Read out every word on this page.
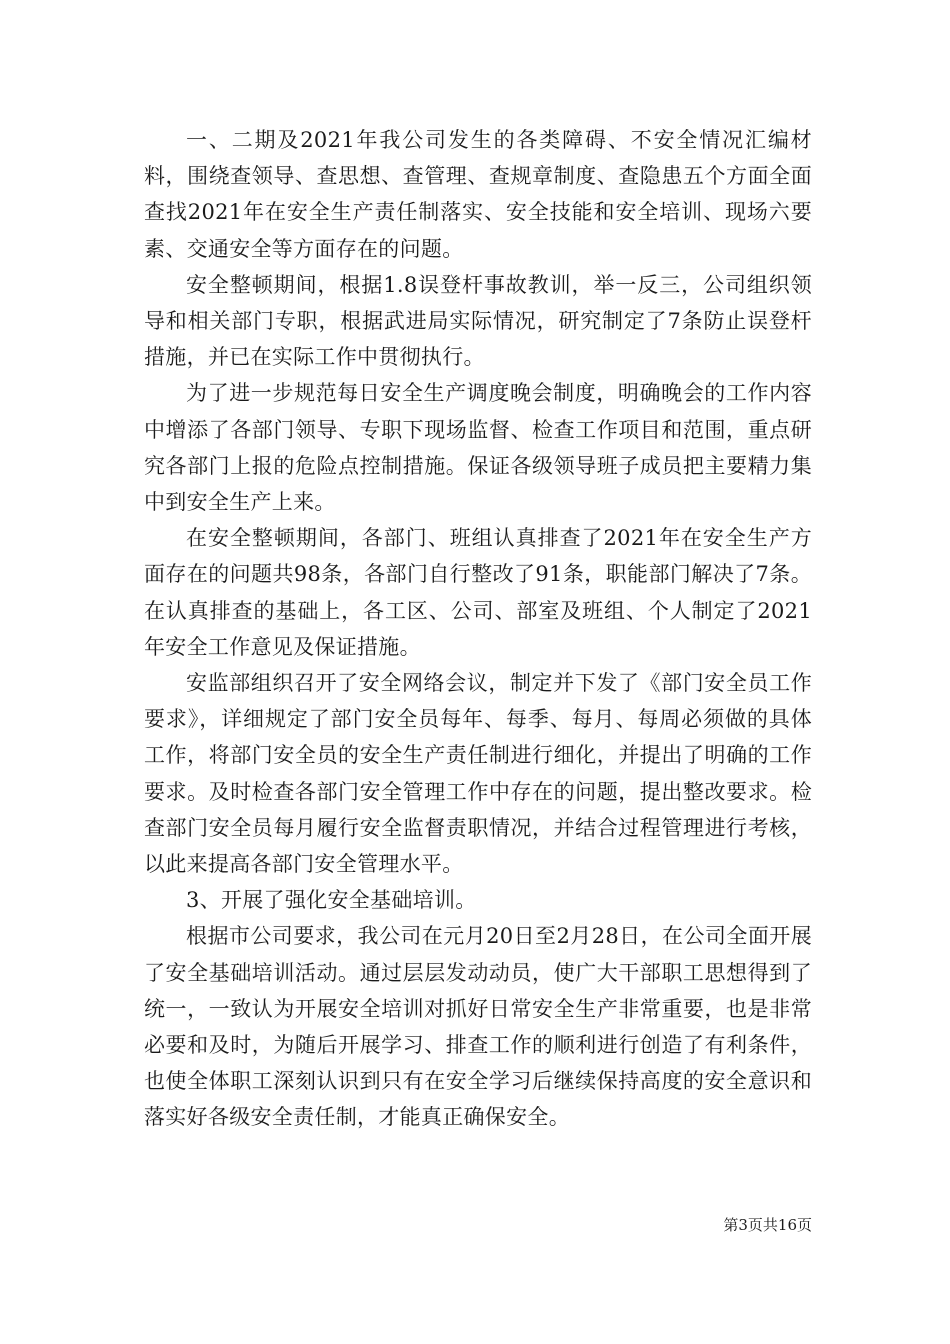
一、二期及2021年我公司发生的各类障碍、不安全情况汇编材料，围绕查领导、查思想、查管理、查规章制度、查隐患五个方面全面查找2021年在安全生产责任制落实、安全技能和安全培训、现场六要素、交通安全等方面存在的问题。

安全整顿期间，根据1.8误登杆事故教训，举一反三，公司组织领导和相关部门专职，根据武进局实际情况，研究制定了7条防止误登杆措施，并已在实际工作中贯彻执行。

为了进一步规范每日安全生产调度晚会制度，明确晚会的工作内容中增添了各部门领导、专职下现场监督、检查工作项目和范围，重点研究各部门上报的危险点控制措施。保证各级领导班子成员把主要精力集中到安全生产上来。

在安全整顿期间，各部门、班组认真排查了2021年在安全生产方面存在的问题共98条，各部门自行整改了91条，职能部门解决了7条。在认真排查的基础上，各工区、公司、部室及班组、个人制定了2021年安全工作意见及保证措施。

安监部组织召开了安全网络会议，制定并下发了《部门安全员工作要求》，详细规定了部门安全员每年、每季、每月、每周必须做的具体工作，将部门安全员的安全生产责任制进行细化，并提出了明确的工作要求。及时检查各部门安全管理工作中存在的问题，提出整改要求。检查部门安全员每月履行安全监督责职情况，并结合过程管理进行考核，以此来提高各部门安全管理水平。

3、开展了强化安全基础培训。

根据市公司要求，我公司在元月20日至2月28日，在公司全面开展了安全基础培训活动。通过层层发动动员，使广大干部职工思想得到了统一，一致认为开展安全培训对抓好日常安全生产非常重要，也是非常必要和及时，为随后开展学习、排查工作的顺利进行创造了有利条件，也使全体职工深刻认识到只有在安全学习后继续保持高度的安全意识和落实好各级安全责任制，才能真正确保安全。

第3页共16页
